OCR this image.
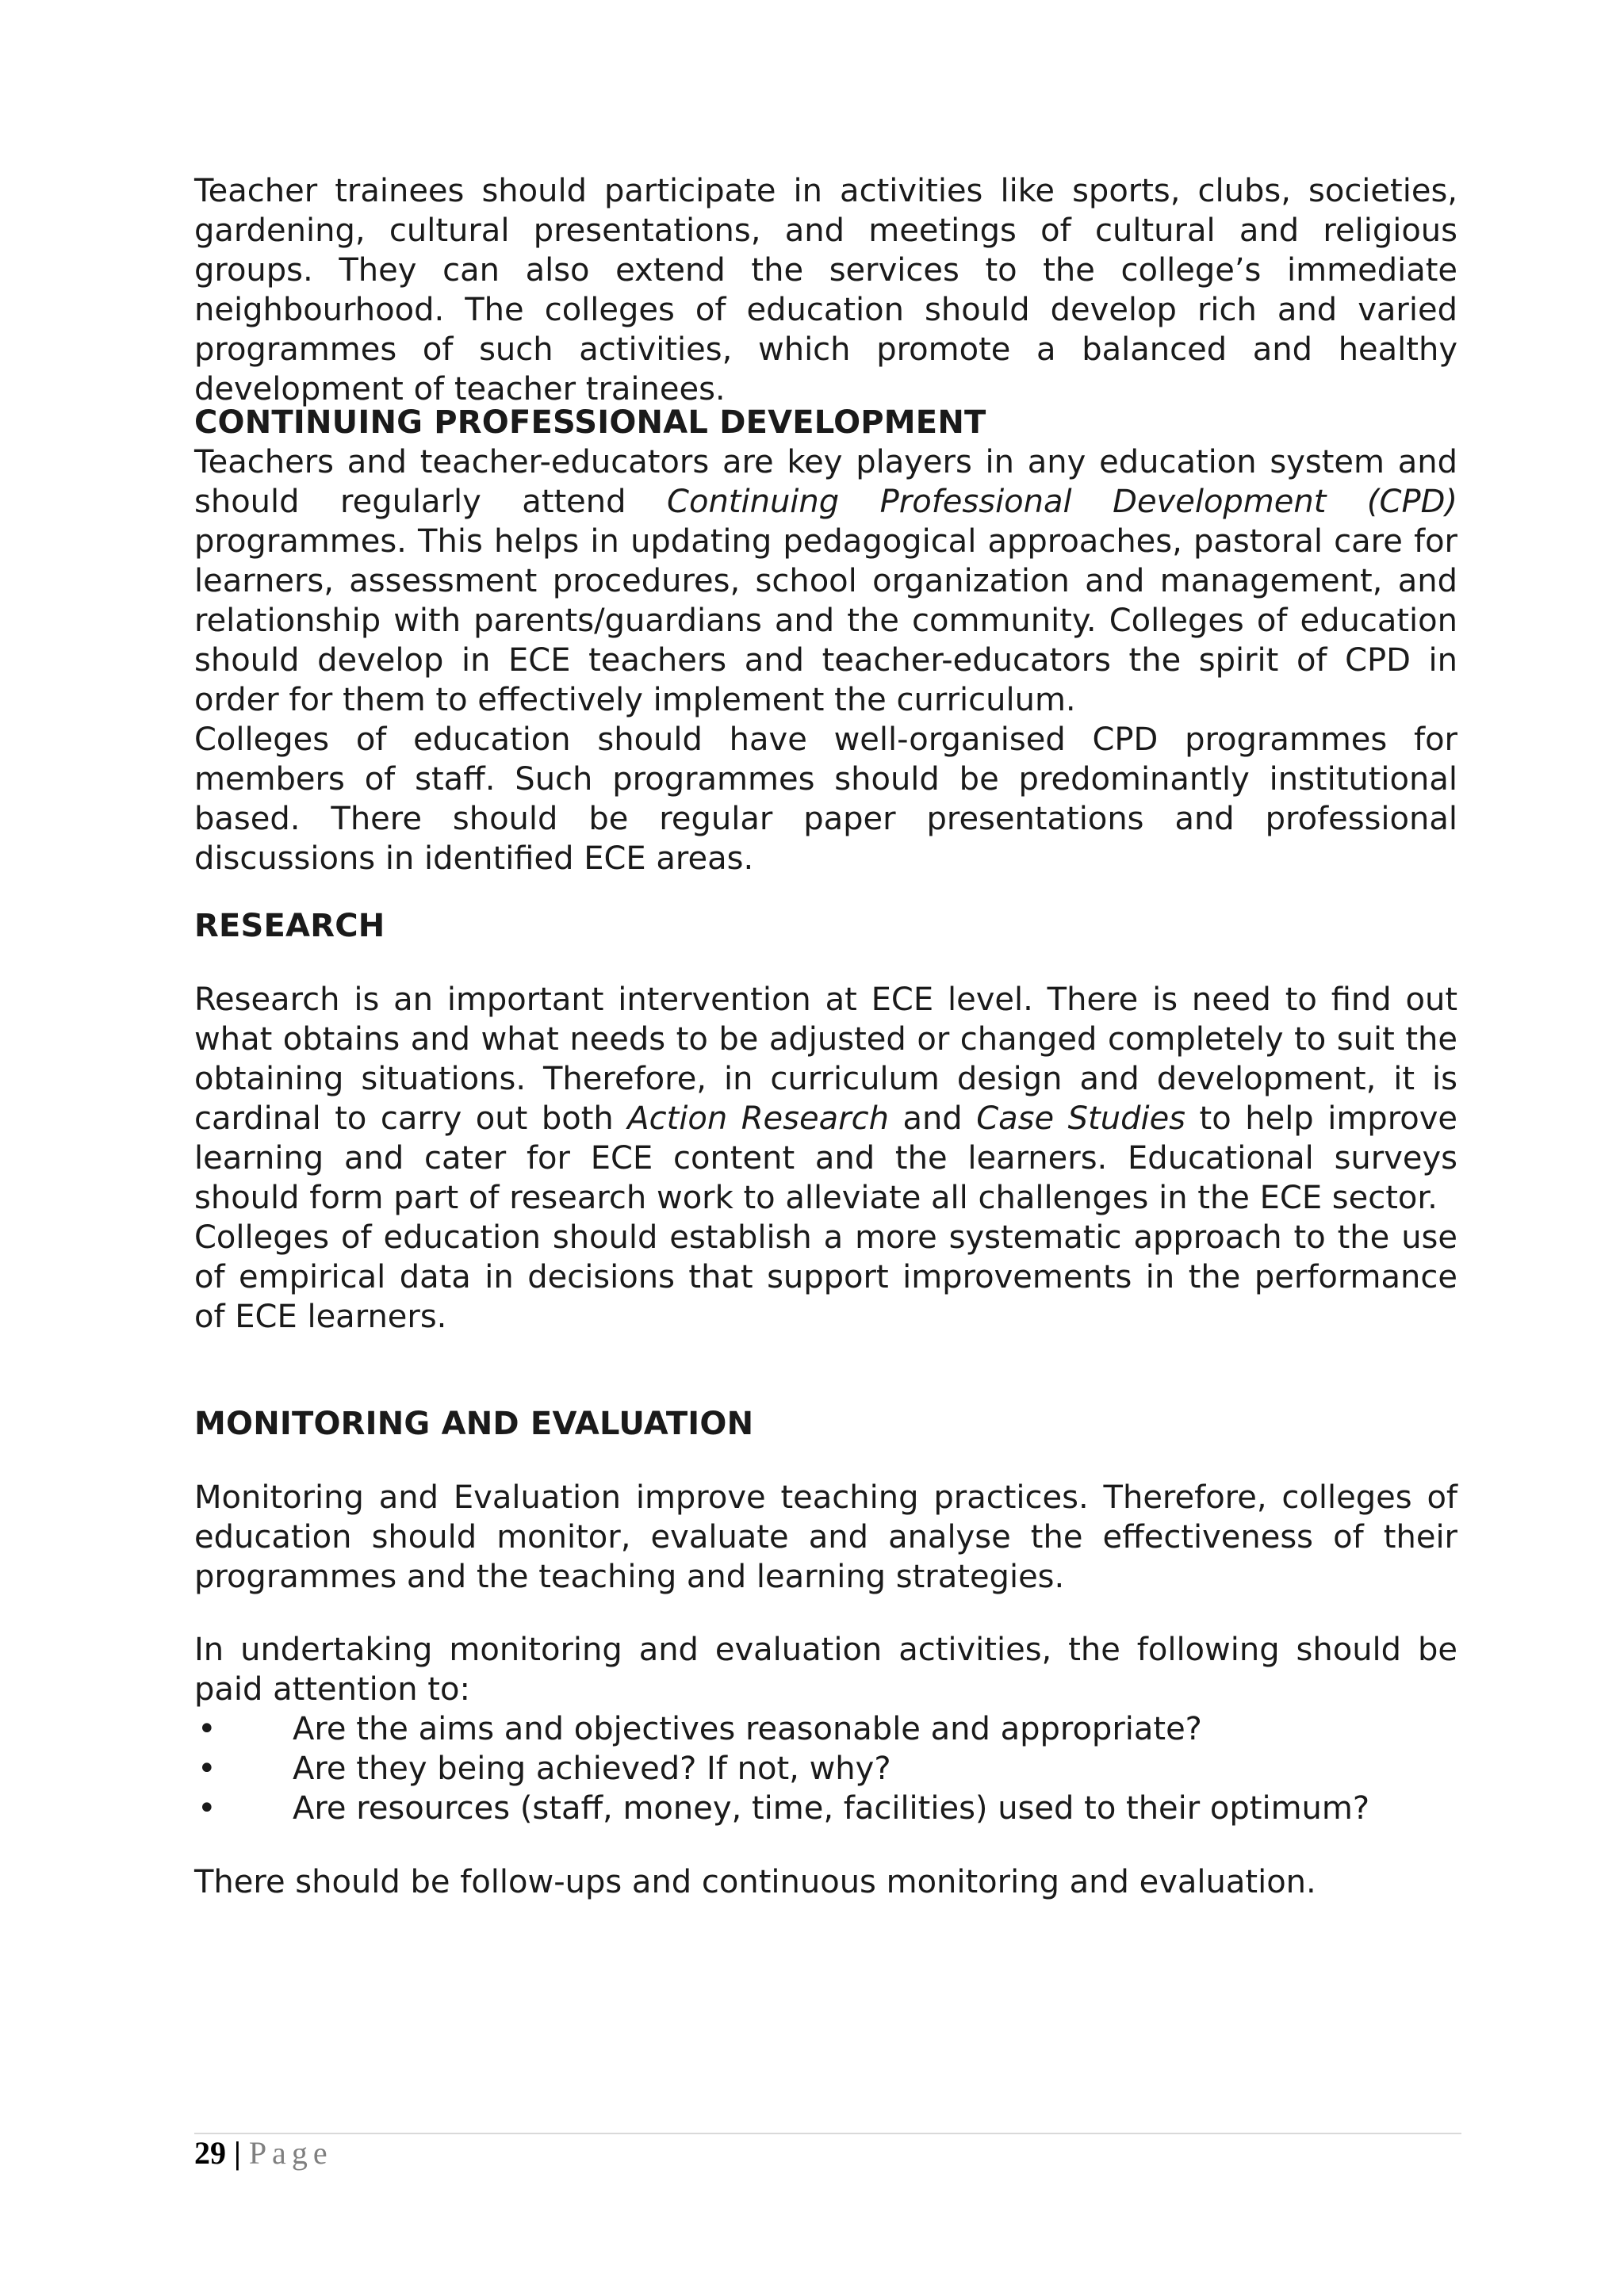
Teacher trainees should participate in activities like sports, clubs, societies, gardening, cultural presentations, and meetings of cultural and religious groups. They can also extend the services to the college’s immediate neighbourhood. The colleges of education should develop rich and varied programmes of such activities, which promote a balanced and healthy development of teacher trainees.

CONTINUING PROFESSIONAL DEVELOPMENT

Teachers and teacher-educators are key players in any education system and should regularly attend Continuing Professional Development (CPD) programmes. This helps in updating pedagogical approaches, pastoral care for learners, assessment procedures, school organization and management, and relationship with parents/guardians and the community. Colleges of education should develop in ECE teachers and teacher-educators the spirit of CPD in order for them to effectively implement the curriculum.

Colleges of education should have well-organised CPD programmes for members of staff. Such programmes should be predominantly institutional based. There should be regular paper presentations and professional discussions in identified ECE areas.

RESEARCH

Research is an important intervention at ECE level. There is need to find out what obtains and what needs to be adjusted or changed completely to suit the obtaining situations. Therefore, in curriculum design and development, it is cardinal to carry out both Action Research and Case Studies to help improve learning and cater for ECE content and the learners. Educational surveys should form part of research work to alleviate all challenges in the ECE sector.

Colleges of education should establish a more systematic approach to the use of empirical data in decisions that support improvements in the performance of ECE learners.

MONITORING AND EVALUATION

Monitoring and Evaluation improve teaching practices. Therefore, colleges of education should monitor, evaluate and analyse the effectiveness of their programmes and the teaching and learning strategies.

In undertaking monitoring and evaluation activities, the following should be paid attention to:

• Are the aims and objectives reasonable and appropriate?
• Are they being achieved? If not, why?
• Are resources (staff, money, time, facilities) used to their optimum?

There should be follow-ups and continuous monitoring and evaluation.

29 | Page
